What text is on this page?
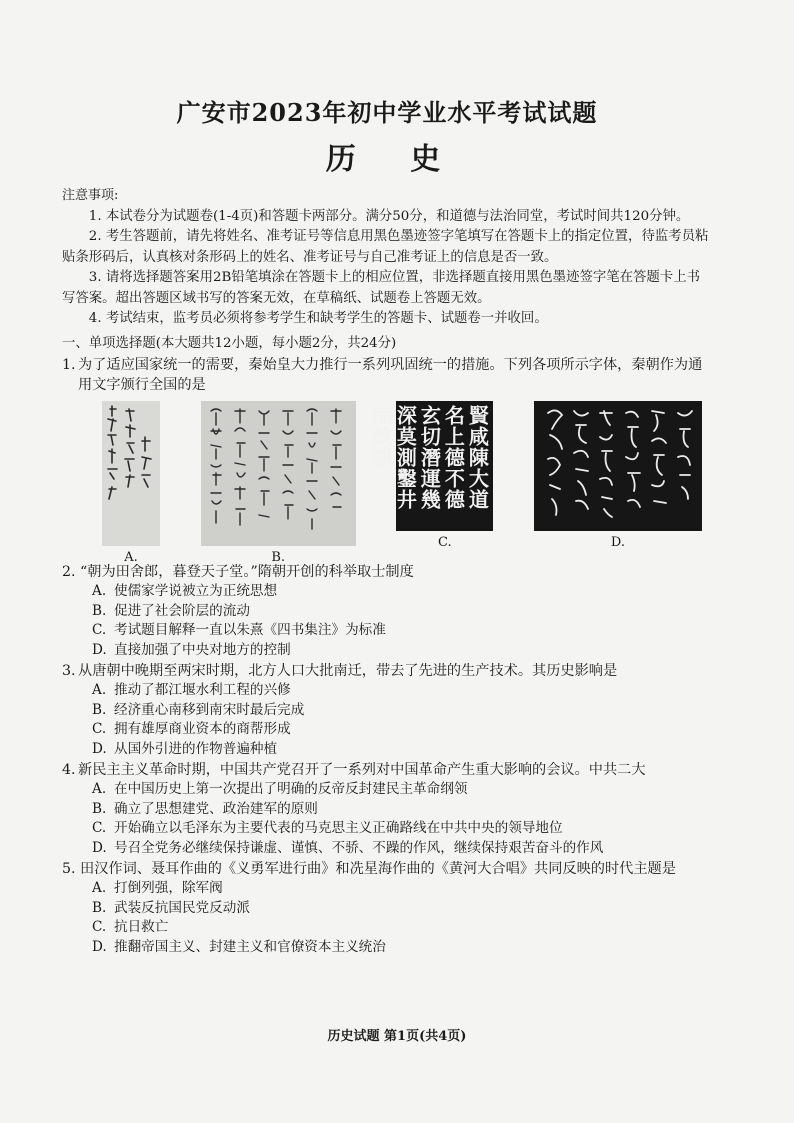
广安市2023年初中学业水平考试试题
历 史
注意事项:

1. 本试卷分为试题卷(1-4页)和答题卡两部分。满分50分，和道德与法治同堂，考试时间共120分钟。

2. 考生答题前，请先将姓名、准考证号等信息用黑色墨迹签字笔填写在答题卡上的指定位置，待监考员粘贴条形码后，认真核对条形码上的姓名、准考证号与自己准考证上的信息是否一致。

3. 请将选择题答案用2B铅笔填涂在答题卡上的相应位置，非选择题直接用黑色墨迹签字笔在答题卡上书写答案。超出答题区域书写的答案无效，在草稿纸、试题卷上答题无效。

4. 考试结束，监考员必须将参考学生和缺考学生的答题卡、试题卷一并收回。

一、单项选择题(本大题共12小题，每小题2分，共24分)
1. 为了适应国家统一的需要，秦始皇大力推行一系列巩固统一的措施。下列各项所示字体，秦朝作为通用文字颁行全国的是
A.	B.
賢咸陳大道名上德不德玄切潛運幾深莫測鑿井而飲耕
C.	D.
2. “朝为田舍郎，暮登天子堂。”隋朝开创的科举取士制度
A. 使儒家学说被立为正统思想
B. 促进了社会阶层的流动
C. 考试题目解释一直以朱熹《四书集注》为标准
D. 直接加强了中央对地方的控制
3. 从唐朝中晚期至两宋时期，北方人口大批南迁，带去了先进的生产技术。其历史影响是
A. 推动了都江堰水利工程的兴修
B. 经济重心南移到南宋时最后完成
C. 拥有雄厚商业资本的商帮形成
D. 从国外引进的作物普遍种植
4. 新民主主义革命时期，中国共产党召开了一系列对中国革命产生重大影响的会议。中共二大
A. 在中国历史上第一次提出了明确的反帝反封建民主革命纲领
B. 确立了思想建党、政治建军的原则
C. 开始确立以毛泽东为主要代表的马克思主义正确路线在中共中央的领导地位
D. 号召全党务必继续保持谦虚、谨慎、不骄、不躁的作风，继续保持艰苦奋斗的作风
5. 田汉作词、聂耳作曲的《义勇军进行曲》和冼星海作曲的《黄河大合唱》共同反映的时代主题是
A. 打倒列强，除军阀
B. 武装反抗国民党反动派
C. 抗日救亡
D. 推翻帝国主义、封建主义和官僚资本主义统治
历史试题 第1页(共4页)
